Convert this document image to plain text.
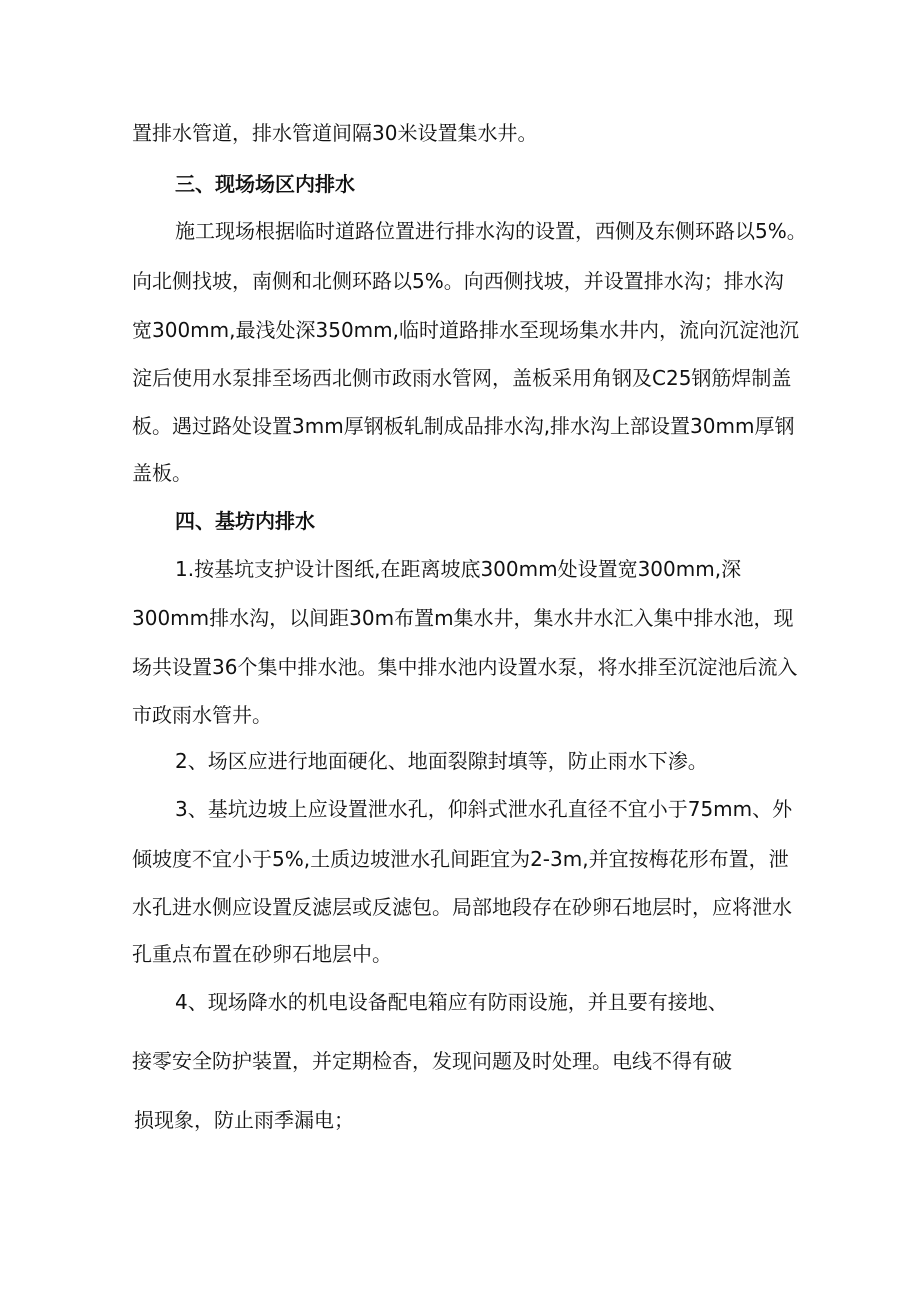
置排水管道，排水管道间隔30米设置集水井。
三、现场场区内排水
施工现场根据临时道路位置进行排水沟的设置，西侧及东侧环路以5%。
向北侧找坡，南侧和北侧环路以5%。向西侧找坡，并设置排水沟；排水沟
宽300mm,最浅处深350mm,临时道路排水至现场集水井内，流向沉淀池沉
淀后使用水泵排至场西北侧市政雨水管网，盖板采用角钢及C25钢筋焊制盖
板。遇过路处设置3mm厚钢板轧制成品排水沟,排水沟上部设置30mm厚钢
盖板。
四、基坊内排水
1.按基坑支护设计图纸,在距离坡底300mm处设置宽300mm,深
300mm排水沟，以间距30m布置m集水井，集水井水汇入集中排水池，现
场共设置36个集中排水池。集中排水池内设置水泵，将水排至沉淀池后流入
市政雨水管井。
2、场区应进行地面硬化、地面裂隙封填等，防止雨水下渗。
3、基坑边坡上应设置泄水孔，仰斜式泄水孔直径不宜小于75mm、外
倾坡度不宜小于5%,土质边坡泄水孔间距宜为2-3m,并宜按梅花形布置，泄
水孔进水侧应设置反滤层或反滤包。局部地段存在砂卵石地层时，应将泄水
孔重点布置在砂卵石地层中。
4、现场降水的机电设备配电箱应有防雨设施，并且要有接地、
接零安全防护装置，并定期检杳，发现问题及时处理。电线不得有破
损现象，防止雨季漏电；
